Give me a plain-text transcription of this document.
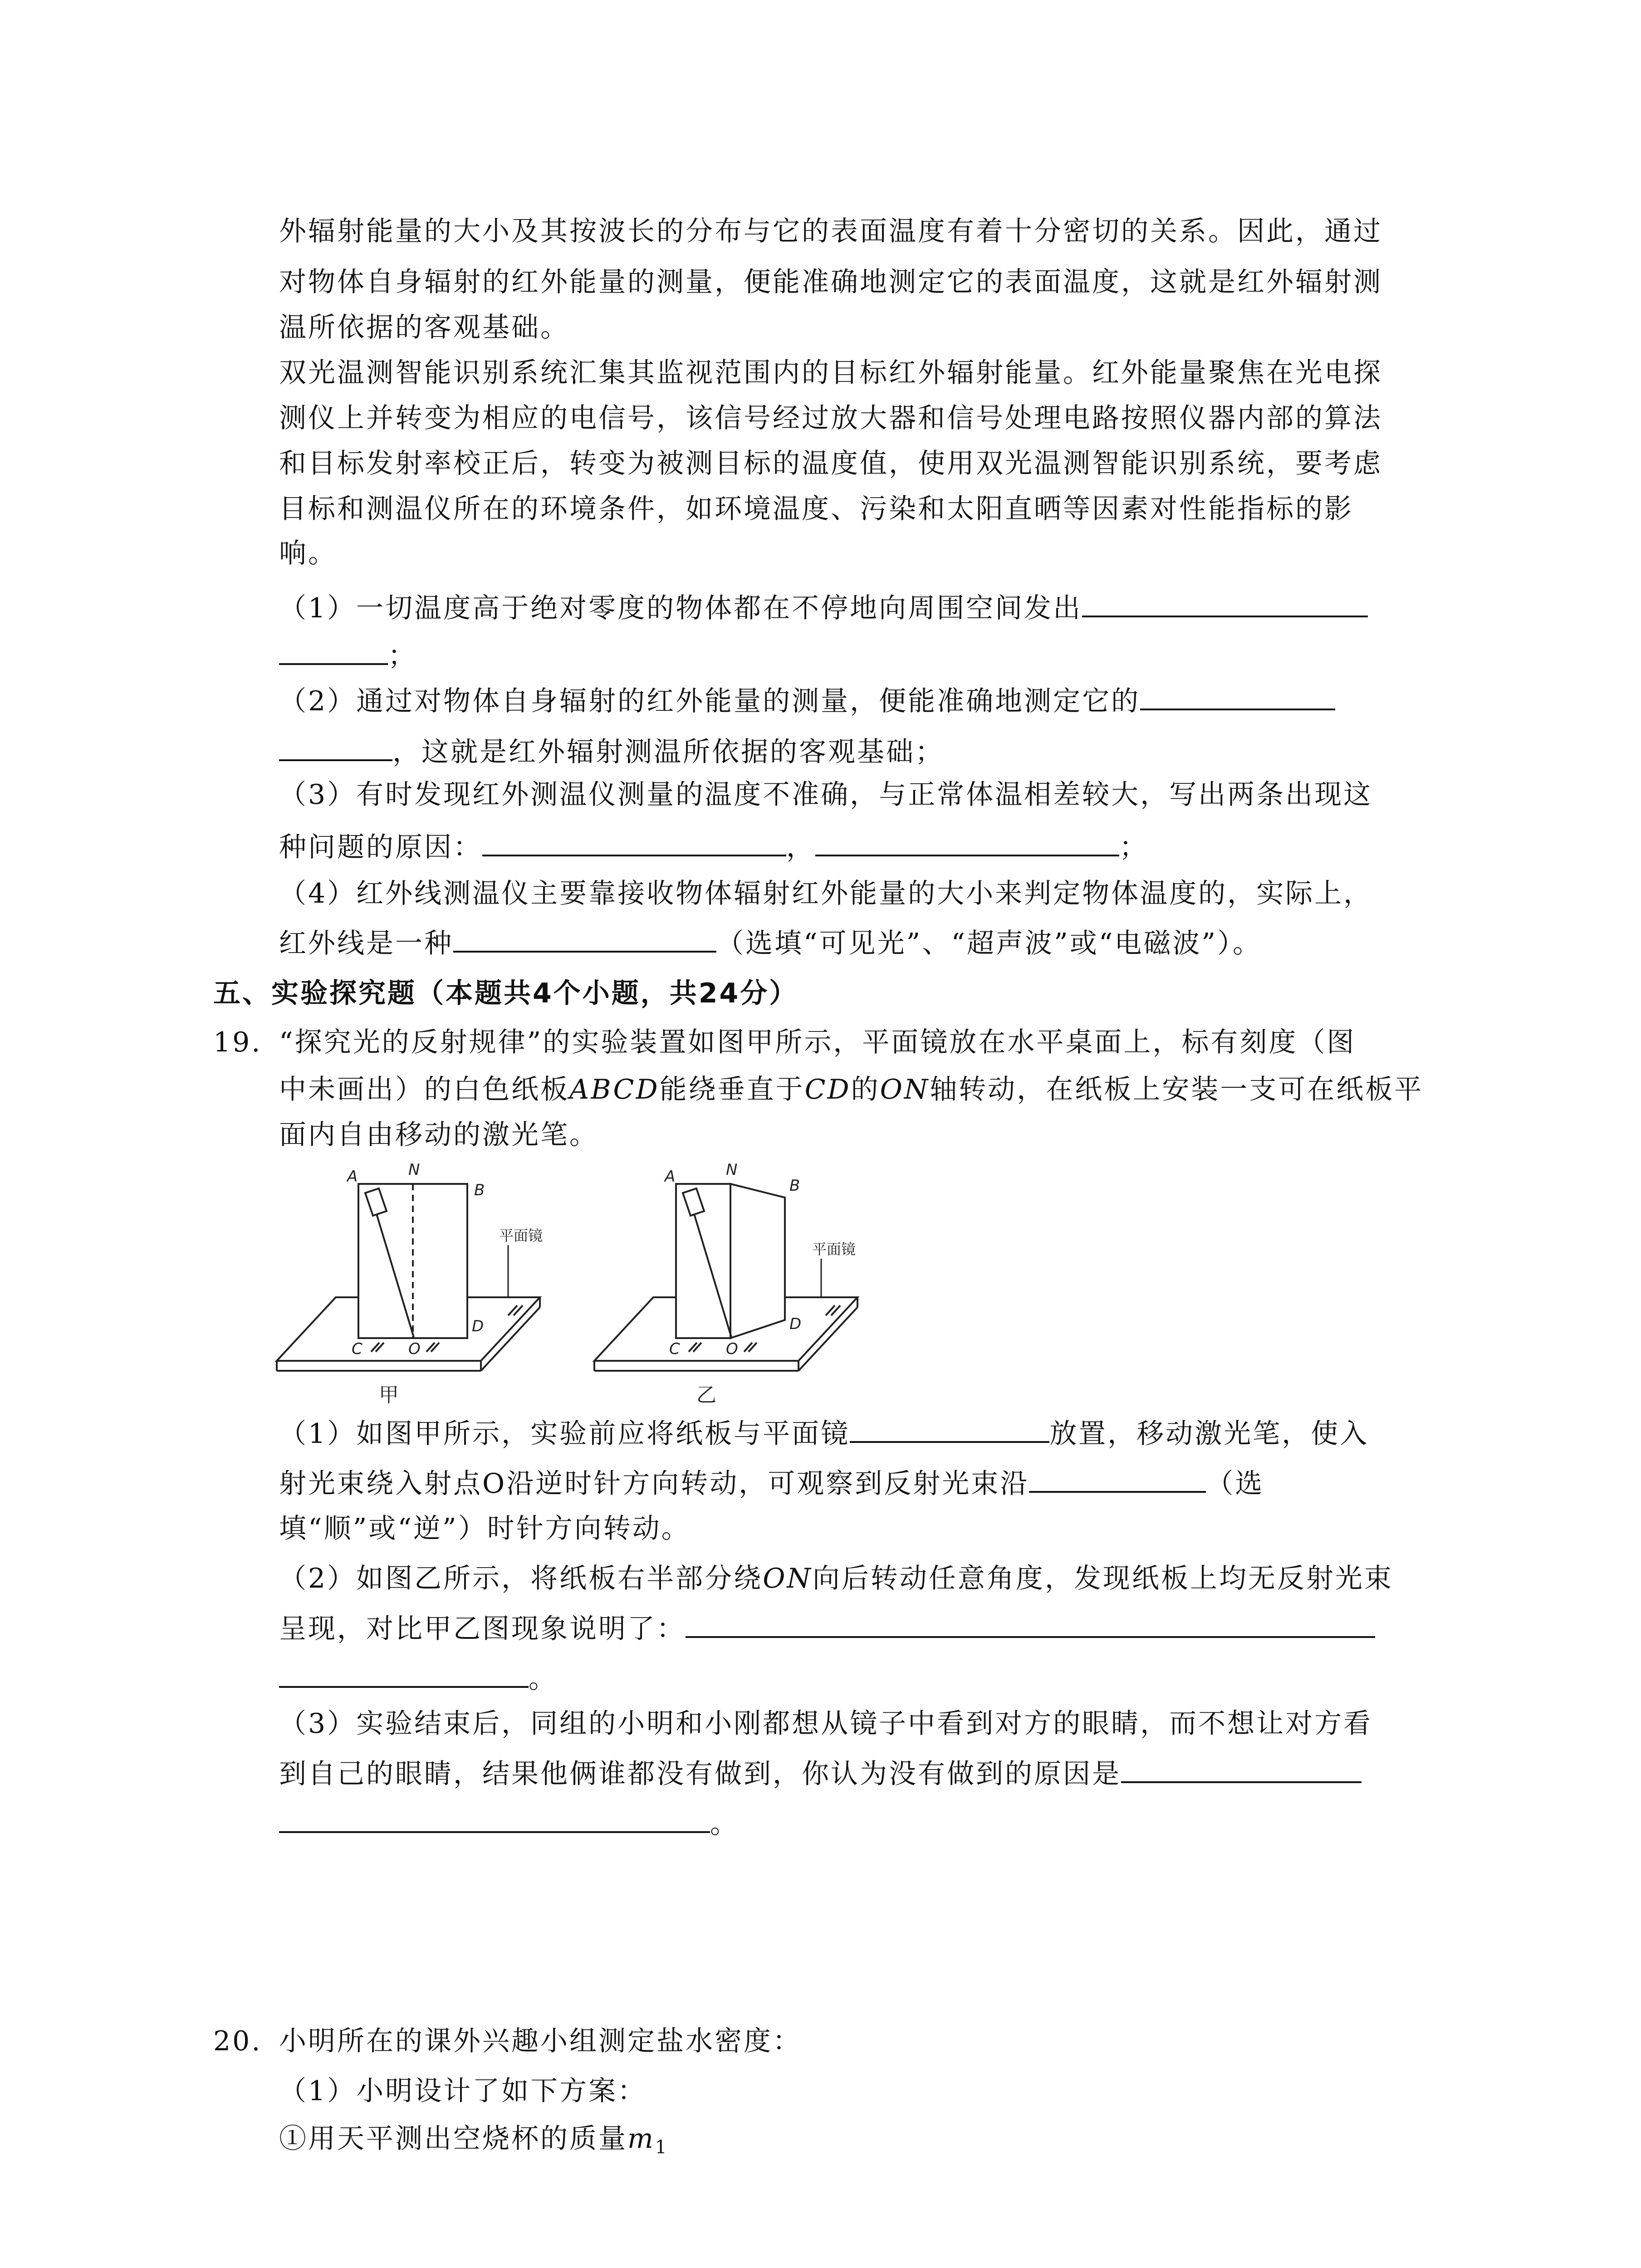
外辐射能量的大小及其按波长的分布与它的表面温度有着十分密切的关系。因此，通过
对物体自身辐射的红外能量的测量，便能准确地测定它的表面温度，这就是红外辐射测
温所依据的客观基础。
双光温测智能识别系统汇集其监视范围内的目标红外辐射能量。红外能量聚焦在光电探
测仪上并转变为相应的电信号，该信号经过放大器和信号处理电路按照仪器内部的算法
和目标发射率校正后，转变为被测目标的温度值，使用双光温测智能识别系统，要考虑
目标和测温仪所在的环境条件，如环境温度、污染和太阳直晒等因素对性能指标的影
响。
（1）一切温度高于绝对零度的物体都在不停地向周围空间发出
；
（2）通过对物体自身辐射的红外能量的测量，便能准确地测定它的
，这就是红外辐射测温所依据的客观基础；
（3）有时发现红外测温仪测量的温度不准确，与正常体温相差较大，写出两条出现这
种问题的原因：	，	；
（4）红外线测温仪主要靠接收物体辐射红外能量的大小来判定物体温度的，实际上，
红外线是一种	（选填“可见光”、“超声波”或“电磁波”）。
五、实验探究题（本题共4个小题，共24分）
19. “探究光的反射规律”的实验装置如图甲所示，平面镜放在水平桌面上，标有刻度（图
中未画出）的白色纸板ABCD能绕垂直于CD的ON轴转动，在纸板上安装一支可在纸板平
面内自由移动的激光笔。
A	N
B
C	O
D
A	N
B
C	O
D
平面镜
平面镜
甲	乙
（1）如图甲所示，实验前应将纸板与平面镜	放置，移动激光笔，使入
射光束绕入射点O沿逆时针方向转动，可观察到反射光束沿	（选
填“顺”或“逆”）时针方向转动。
（2）如图乙所示，将纸板右半部分绕ON向后转动任意角度，发现纸板上均无反射光束
呈现，对比甲乙图现象说明了：
。
（3）实验结束后，同组的小明和小刚都想从镜子中看到对方的眼睛，而不想让对方看
到自己的眼睛，结果他俩谁都没有做到，你认为没有做到的原因是
。
20. 小明所在的课外兴趣小组测定盐水密度：
（1）小明设计了如下方案：
①用天平测出空烧杯的质量$m_1$
